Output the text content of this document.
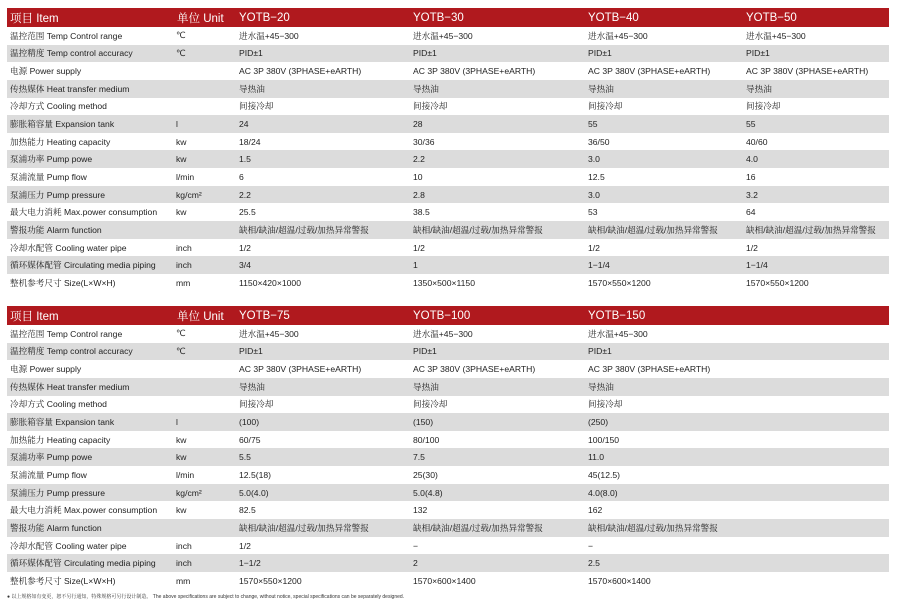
项目 Item	单位 Unit	YOTB−20	YOTB−30	YOTB−40	YOTB−50
温控范围 Temp Control range	℃	进水温+45−300	进水温+45−300	进水温+45−300	进水温+45−300
温控精度 Temp control accuracy	℃	PID±1	PID±1	PID±1	PID±1
电源 Power supply		AC 3P 380V (3PHASE+eARTH)	AC 3P 380V (3PHASE+eARTH)	AC 3P 380V (3PHASE+eARTH)	AC 3P 380V (3PHASE+eARTH)
传热媒体 Heat transfer medium		导热油	导热油	导热油	导热油
冷却方式 Cooling method		间接冷却	间接冷却	间接冷却	间接冷却
膨胀箱容量 Expansion tank	l	24	28	55	55
加热能力 Heating capacity	kw	18/24	30/36	36/50	40/60
泵浦功率 Pump powe	kw	1.5	2.2	3.0	4.0
泵浦流量 Pump flow	l/min	6	10	12.5	16
泵浦压力 Pump pressure	kg/cm²	2.2	2.8	3.0	3.2
最大电力消耗 Max.power consumption	kw	25.5	38.5	53	64
警报功能 Alarm function		缺相/缺油/超温/过载/加热异常警报	缺相/缺油/超温/过载/加热异常警报	缺相/缺油/超温/过载/加热异常警报	缺相/缺油/超温/过载/加热异常警报
冷却水配管 Cooling water pipe	inch	1/2	1/2	1/2	1/2
循环媒体配管 Circulating media piping	inch	3/4	1	1−1/4	1−1/4
整机参考尺寸 Size(L×W×H)	mm	1150×420×1000	1350×500×1150	1570×550×1200	1570×550×1200
项目 Item	单位 Unit	YOTB−75	YOTB−100	YOTB−150	
温控范围 Temp Control range	℃	进水温+45−300	进水温+45−300	进水温+45−300	
温控精度 Temp control accuracy	℃	PID±1	PID±1	PID±1	
电源 Power supply		AC 3P 380V (3PHASE+eARTH)	AC 3P 380V (3PHASE+eARTH)	AC 3P 380V (3PHASE+eARTH)	
传热媒体 Heat transfer medium		导热油	导热油	导热油	
冷却方式 Cooling method		间接冷却	间接冷却	间接冷却	
膨胀箱容量 Expansion tank	l	(100)	(150)	(250)	
加热能力 Heating capacity	kw	60/75	80/100	100/150	
泵浦功率 Pump powe	kw	5.5	7.5	11.0	
泵浦流量 Pump flow	l/min	12.5(18)	25(30)	45(12.5)	
泵浦压力 Pump pressure	kg/cm²	5.0(4.0)	5.0(4.8)	4.0(8.0)	
最大电力消耗 Max.power consumption	kw	82.5	132	162	
警报功能 Alarm function		缺相/缺油/超温/过载/加热异常警报	缺相/缺油/超温/过载/加热异常警报	缺相/缺油/超温/过载/加热异常警报	
冷却水配管 Cooling water pipe	inch	1/2	−	−	
循环媒体配管 Circulating media piping	inch	1−1/2	2	2.5	
整机参考尺寸 Size(L×W×H)	mm	1570×550×1200	1570×600×1400	1570×600×1400	
● 以上规格如有变更，恕不另行通知，特殊规格可另行设计制造。 The above specifications are subject to change, without notice, special specifications can be separately designed.
